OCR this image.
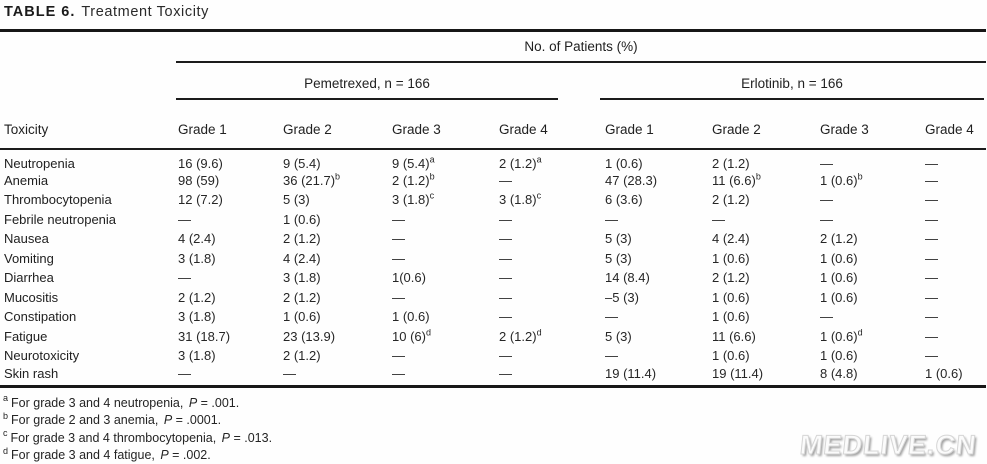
TABLE 6. Treatment Toxicity
	No. of Patients (%)							

	Pemetrexed, n = 166				Erlotinib, n = 166			

Toxicity	Grade 1	Grade 2	Grade 3	Grade 4	Grade 1	Grade 2	Grade 3	Grade 4
Neutropenia	16 (9.6)	9 (5.4)	9 $(5.4)^a$	2 $(1.2)^a$	1 (0.6)	2 (1.2)	—	—
Anemia	98 (59)	36 $(21.7)^b$	2 $(1.2)^b$	—	47 (28.3)	11 $(6.6)^b$	1 $(0.6)^b$	—
Thrombocytopenia	12 (7.2)	5 (3)	3 $(1.8)^c$	3 $(1.8)^c$	6 (3.6)	2 (1.2)	—	—
Febrile neutropenia	—	1 (0.6)	—	—	—	—	—	—
Nausea	4 (2.4)	2 (1.2)	—	—	5 (3)	4 (2.4)	2 (1.2)	—
Vomiting	3 (1.8)	4 (2.4)	—	—	5 (3)	1 (0.6)	1 (0.6)	—
Diarrhea	—	3 (1.8)	1(0.6)	—	14 (8.4)	2 (1.2)	1 (0.6)	—
Mucositis	2 (1.2)	2 (1.2)	—	—	–5 (3)	1 (0.6)	1 (0.6)	—
Constipation	3 (1.8)	1 (0.6)	1 (0.6)	—	—	1 (0.6)	—	—
Fatigue	31 (18.7)	23 (13.9)	10 $(6)^d$	2 $(1.2)^d$	5 (3)	11 (6.6)	1 $(0.6)^d$	—
Neurotoxicity	3 (1.8)	2 (1.2)	—	—	—	1 (0.6)	1 (0.6)	—
Skin rash	—	—	—	—	19 (11.4)	19 (11.4)	8 (4.8)	1 (0.6)
$^a$ For grade 3 and 4 neutropenia, P = .001.
$^b$ For grade 2 and 3 anemia, P = .0001.
$^c$ For grade 3 and 4 thrombocytopenia, P = .013.
$^d$ For grade 3 and 4 fatigue, P = .002.	MEDLIVE.CN
